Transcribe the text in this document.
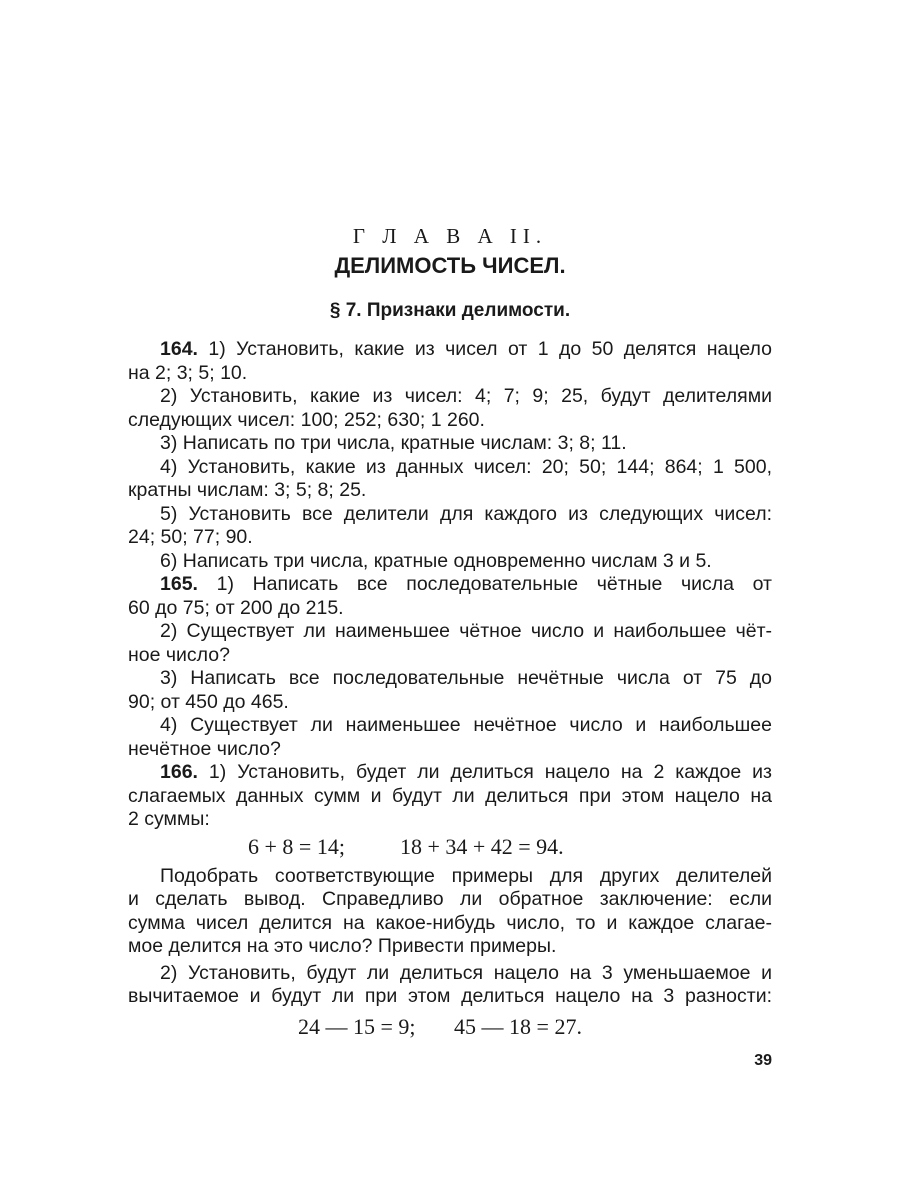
Г Л А В А II.
ДЕЛИМОСТЬ ЧИСЕЛ.
§ 7. Признаки делимости.
164. 1) Установить, какие из чисел от 1 до 50 делятся нацело
на 2; 3; 5; 10.
2) Установить, какие из чисел: 4; 7; 9; 25, будут делителями
следующих чисел: 100; 252; 630; 1 260.
3) Написать по три числа, кратные числам: 3; 8; 11.
4) Установить, какие из данных чисел: 20; 50; 144; 864; 1 500,
кратны числам: 3; 5; 8; 25.
5) Установить все делители для каждого из следующих чисел:
24; 50; 77; 90.
6) Написать три числа, кратные одновременно числам 3 и 5.
165. 1) Написать все последовательные чётные числа от
60 до 75; от 200 до 215.
2) Существует ли наименьшее чётное число и наибольшее чёт-
ное число?
3) Написать все последовательные нечётные числа от 75 до
90; от 450 до 465.
4) Существует ли наименьшее нечётное число и наибольшее
нечётное число?
166. 1) Установить, будет ли делиться нацело на 2 каждое из
слагаемых данных сумм и будут ли делиться при этом нацело на
2 суммы:
6 + 8 = 14;	18 + 34 + 42 = 94.
Подобрать соответствующие примеры для других делителей
и сделать вывод. Справедливо ли обратное заключение: если
сумма чисел делится на какое-нибудь число, то и каждое слагае-
мое делится на это число? Привести примеры.
2) Установить, будут ли делиться нацело на 3 уменьшаемое и
вычитаемое и будут ли при этом делиться нацело на 3 разности:
24 — 15 = 9; 45 — 18 = 27.
39
